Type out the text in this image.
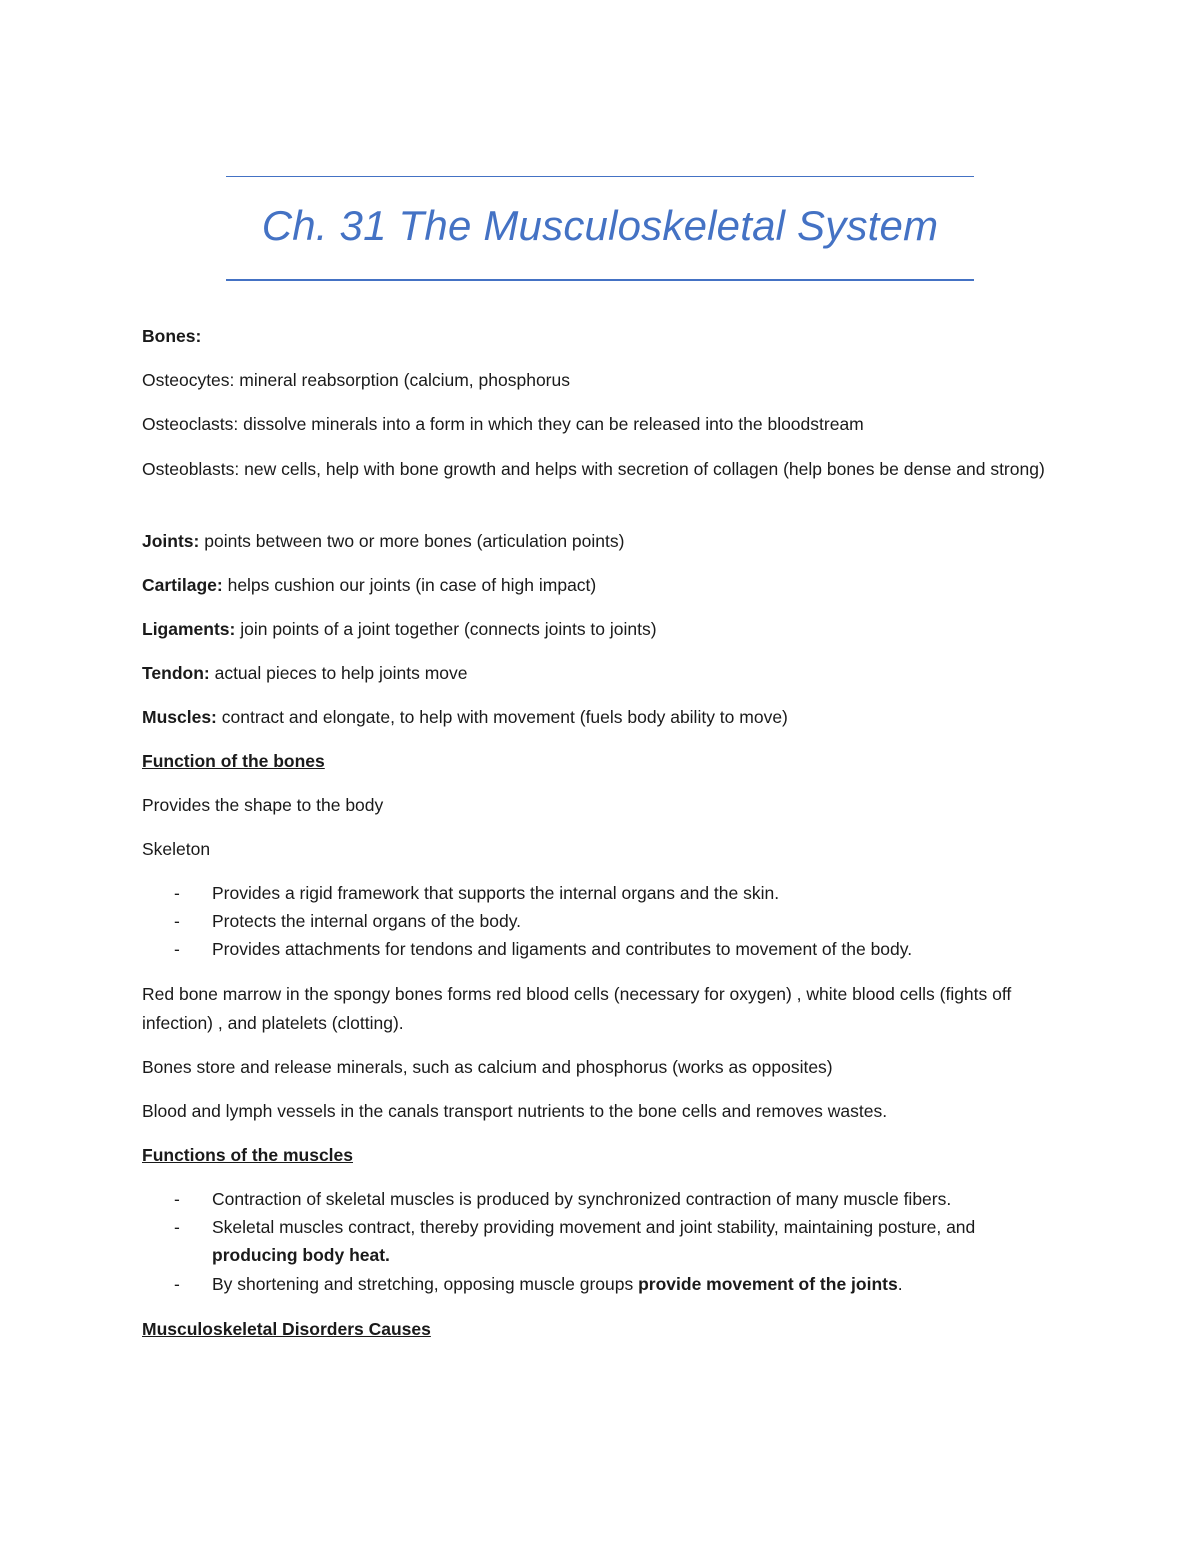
Ch. 31 The Musculoskeletal System
Bones:
Osteocytes: mineral reabsorption (calcium, phosphorus
Osteoclasts: dissolve minerals into a form in which they can be released into the bloodstream
Osteoblasts: new cells, help with bone growth and helps with secretion of collagen (help bones be dense and strong)
Joints: points between two or more bones (articulation points)
Cartilage: helps cushion our joints (in case of high impact)
Ligaments: join points of a joint together (connects joints to joints)
Tendon: actual pieces to help joints move
Muscles: contract and elongate, to help with movement (fuels body ability to move)
Function of the bones
Provides the shape to the body
Skeleton
- Provides a rigid framework that supports the internal organs and the skin.
- Protects the internal organs of the body.
- Provides attachments for tendons and ligaments and contributes to movement of the body.
Red bone marrow in the spongy bones forms red blood cells (necessary for oxygen) , white blood cells (fights off infection) , and platelets (clotting).
Bones store and release minerals, such as calcium and phosphorus (works as opposites)
Blood and lymph vessels in the canals transport nutrients to the bone cells and removes wastes.
Functions of the muscles
- Contraction of skeletal muscles is produced by synchronized contraction of many muscle fibers.
- Skeletal muscles contract, thereby providing movement and joint stability, maintaining posture, and producing body heat.
- By shortening and stretching, opposing muscle groups provide movement of the joints.
Musculoskeletal Disorders Causes
